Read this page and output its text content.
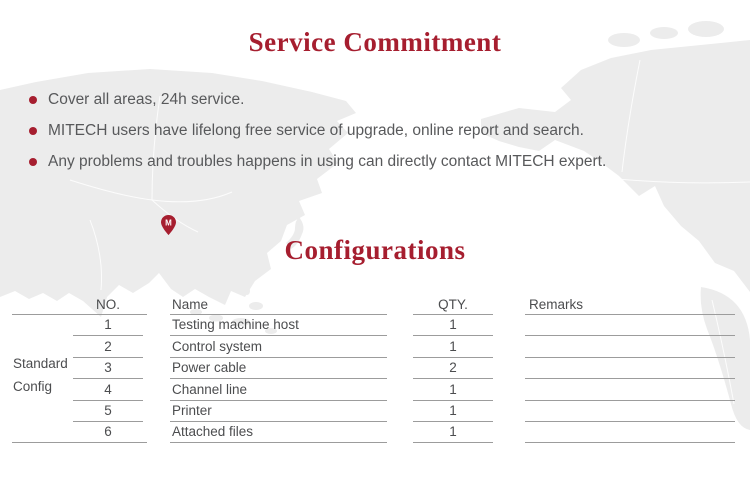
Service Commitment
Cover all areas, 24h service.
MITECH users have lifelong free service of upgrade, online report and search.
Any problems and troubles happens in using can directly contact MITECH expert.
M
Configurations
Standard Config
NO.	Name	QTY.	Remarks
1	Testing machine host	1
2	Control system	1
3	Power cable	2
4	Channel line	1
5	Printer	1
6	Attached files	1
